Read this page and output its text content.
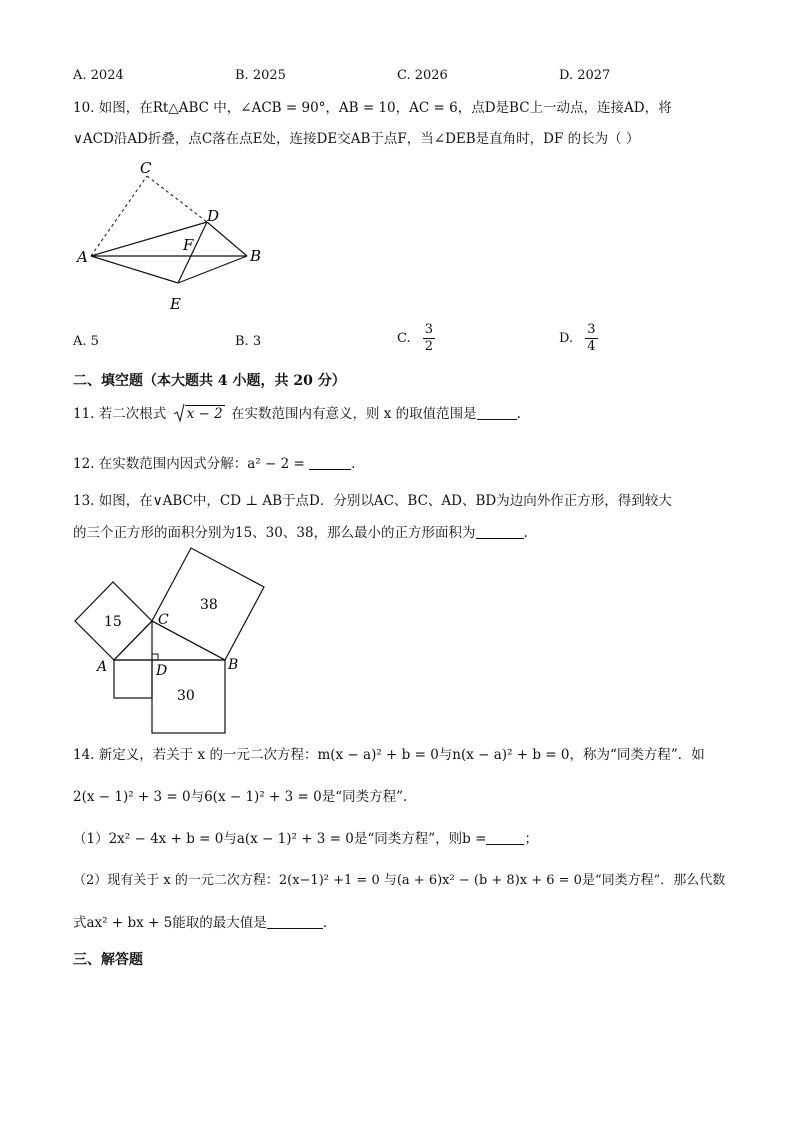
A. 2024	B. 2025	C. 2026	D. 2027
10. 如图，在Rt△ABC 中，∠ACB = 90°，AB = 10，AC = 6，点D是BC上一动点，连接AD，将
∨ACD沿AD折叠，点C落在点E处，连接DE交AB于点F，当∠DEB是直角时，DF 的长为（ ）
C
D
A
F
B
E
A. 5	B. 3	C. $\frac{3}{2}$	D. $\frac{3}{4}$
二、填空题（本大题共 4 小题，共 20 分）
11. 若二次根式 x − 2 在实数范围内有意义，则 x 的取值范围是	.
12. 在实数范围内因式分解：a² − 2 =	.
13. 如图，在∨ABC中，CD ⊥ AB于点D．分别以AC、BC、AD、BD为边向外作正方形，得到较大
的三个正方形的面积分别为15、30、38，那么最小的正方形面积为	.
15
38
30
C
A	D	B
14. 新定义，若关于 x 的一元二次方程：m(x − a)² + b = 0与n(x − a)² + b = 0，称为“同类方程”．如
2(x − 1)² + 3 = 0与6(x − 1)² + 3 = 0是“同类方程”.
（1）2x² − 4x + b = 0与a(x − 1)² + 3 = 0是“同类方程”，则b =	；
（2）现有关于 x 的一元二次方程：2(x−1)² +1 = 0 与(a + 6)x² − (b + 8)x + 6 = 0是“同类方程”．那么代数
式ax² + bx + 5能取的最大值是	.
三、解答题
